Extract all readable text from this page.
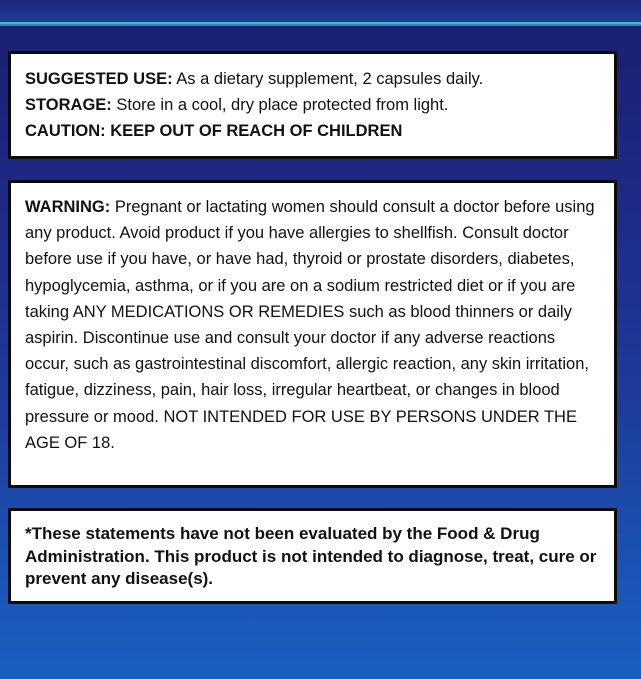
SUGGESTED USE: As a dietary supplement, 2 capsules daily.

STORAGE: Store in a cool, dry place protected from light.

CAUTION: KEEP OUT OF REACH OF CHILDREN

WARNING: Pregnant or lactating women should consult a doctor before using any product. Avoid product if you have allergies to shellfish. Consult doctor before use if you have, or have had, thyroid or prostate disorders, diabetes, hypoglycemia, asthma, or if you are on a sodium restricted diet or if you are taking ANY MEDICATIONS OR REMEDIES such as blood thinners or daily aspirin. Discontinue use and consult your doctor if any adverse reactions occur, such as gastrointestinal discomfort, allergic reaction, any skin irritation, fatigue, dizziness, pain, hair loss, irregular heartbeat, or changes in blood pressure or mood. NOT INTENDED FOR USE BY PERSONS UNDER THE AGE OF 18.

*These statements have not been evaluated by the Food & Drug Administration. This product is not intended to diagnose, treat, cure or prevent any disease(s).
